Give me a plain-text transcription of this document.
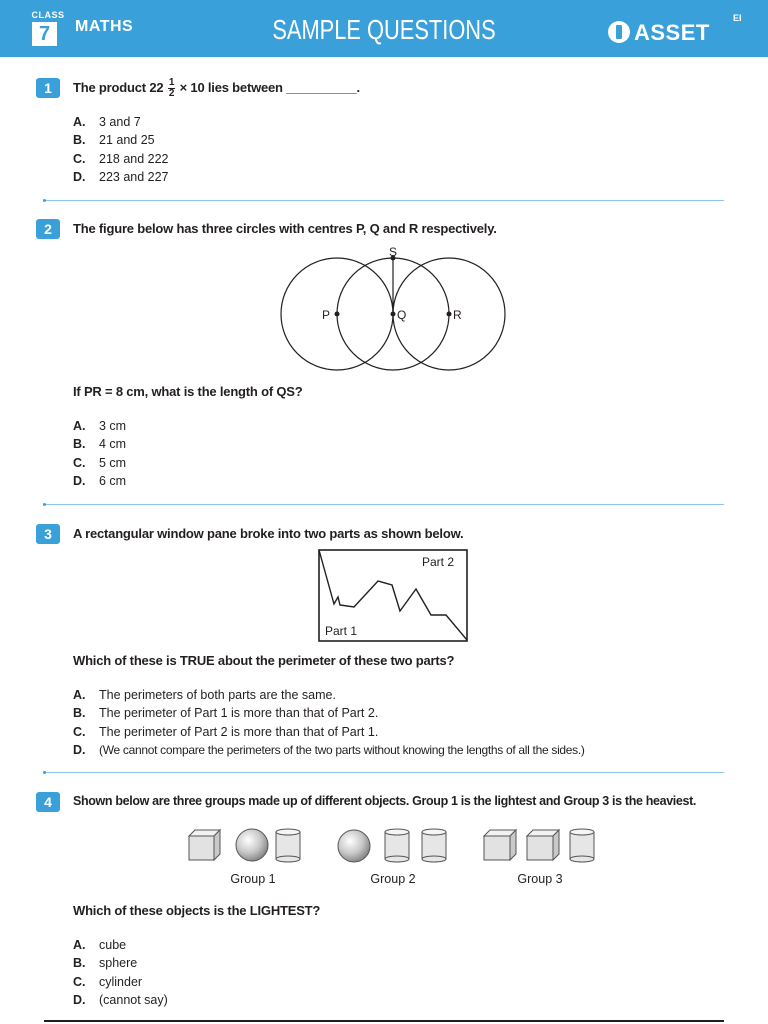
CLASS
7	MATHS	SAMPLE QUESTIONS	ASSET
EI
1	The product $22 \frac{1}{2} \times 10$ lies between __________.
A. 3 and 7
B. 21 and 25
C. 218 and 222
D. 223 and 227
2	The figure below has three circles with centres P, Q and R respectively.
S
P	Q	R
If PR = 8 cm, what is the length of QS?
A. 3 cm
B. 4 cm
C. 5 cm
D. 6 cm
3	A rectangular window pane broke into two parts as shown below.
Part 2
Part 1
Which of these is TRUE about the perimeter of these two parts?
A. The perimeters of both parts are the same.
B. The perimeter of Part 1 is more than that of Part 2.
C. The perimeter of Part 2 is more than that of Part 1.
D. (We cannot compare the perimeters of the two parts without knowing the lengths of all the sides.)
4	Shown below are three groups made up of different objects. Group 1 is the lightest and Group 3 is the heaviest.
Group 1	Group 2	Group 3
Which of these objects is the LIGHTEST?
A. cube
B. sphere
C. cylinder
D. (cannot say)
